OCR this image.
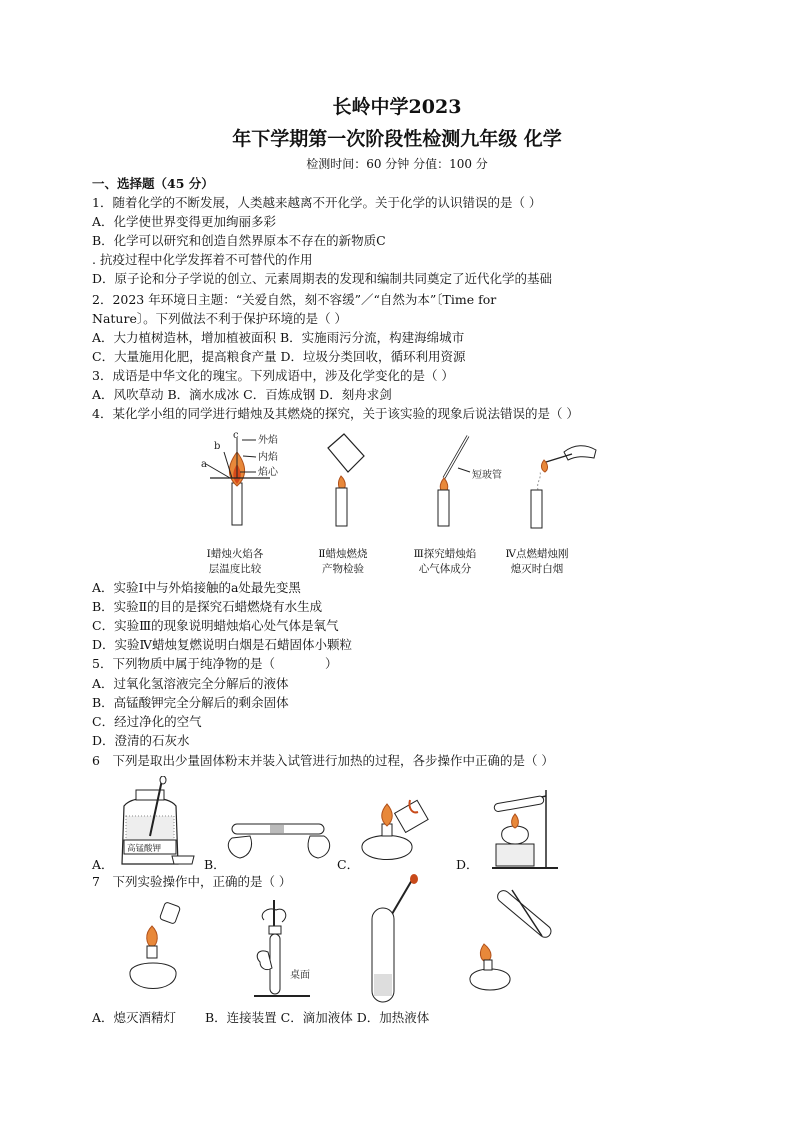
长岭中学2023
年下学期第一次阶段性检测九年级 化学
检测时间：60 分钟 分值：100 分
一、选择题（45 分）
1．随着化学的不断发展，人类越来越离不开化学。关于化学的认识错误的是（ ）
A．化学使世界变得更加绚丽多彩
B．化学可以研究和创造自然界原本不存在的新物质C
. 抗疫过程中化学发挥着不可替代的作用
D．原子论和分子学说的创立、元素周期表的发现和编制共同奠定了近代化学的基础
2．2023 年环境日主题：“关爱自然，刻不容缓”／“自然为本”〔Time for
Nature〕。下列做法不利于保护环境的是（ ）
A．大力植树造林，增加植被面积 B．实施雨污分流，构建海绵城市
C．大量施用化肥，提高粮食产量 D．垃圾分类回收，循环利用资源
3．成语是中华文化的瑰宝。下列成语中，涉及化学变化的是（ ）
A．风吹草动 B．滴水成冰 C．百炼成钢 D．刻舟求剑
4．某化学小组的同学进行蜡烛及其燃烧的探究，关于该实验的现象后说法错误的是（ ）
a
b
c 外焰
内焰
焰心	短玻管
Ⅰ蜡烛火焰各
层温度比较
Ⅱ蜡烛燃烧
产物检验
Ⅲ探究蜡烛焰
心气体成分
Ⅳ点燃蜡烛刚
熄灭时白烟
A．实验Ⅰ中与外焰接触的a处最先变黑
B．实验Ⅱ的目的是探究石蜡燃烧有水生成
C．实验Ⅲ的现象说明蜡烛焰心处气体是氧气
D．实验Ⅳ蜡烛复燃说明白烟是石蜡固体小颗粒
5．下列物质中属于纯净物的是（　　　　）
A．过氧化氢溶液完全分解后的液体
B．高锰酸钾完全分解后的剩余固体
C．经过净化的空气
D．澄清的石灰水
6　下列是取出少量固体粉末并装入试管进行加热的过程，各步操作中正确的是（ ）
高锰酸钾
A．	B．	C．	D．
7　下列实验操作中，正确的是（ ）
桌面
A．熄灭酒精灯　　 B．连接装置 C．滴加液体 D．加热液体
